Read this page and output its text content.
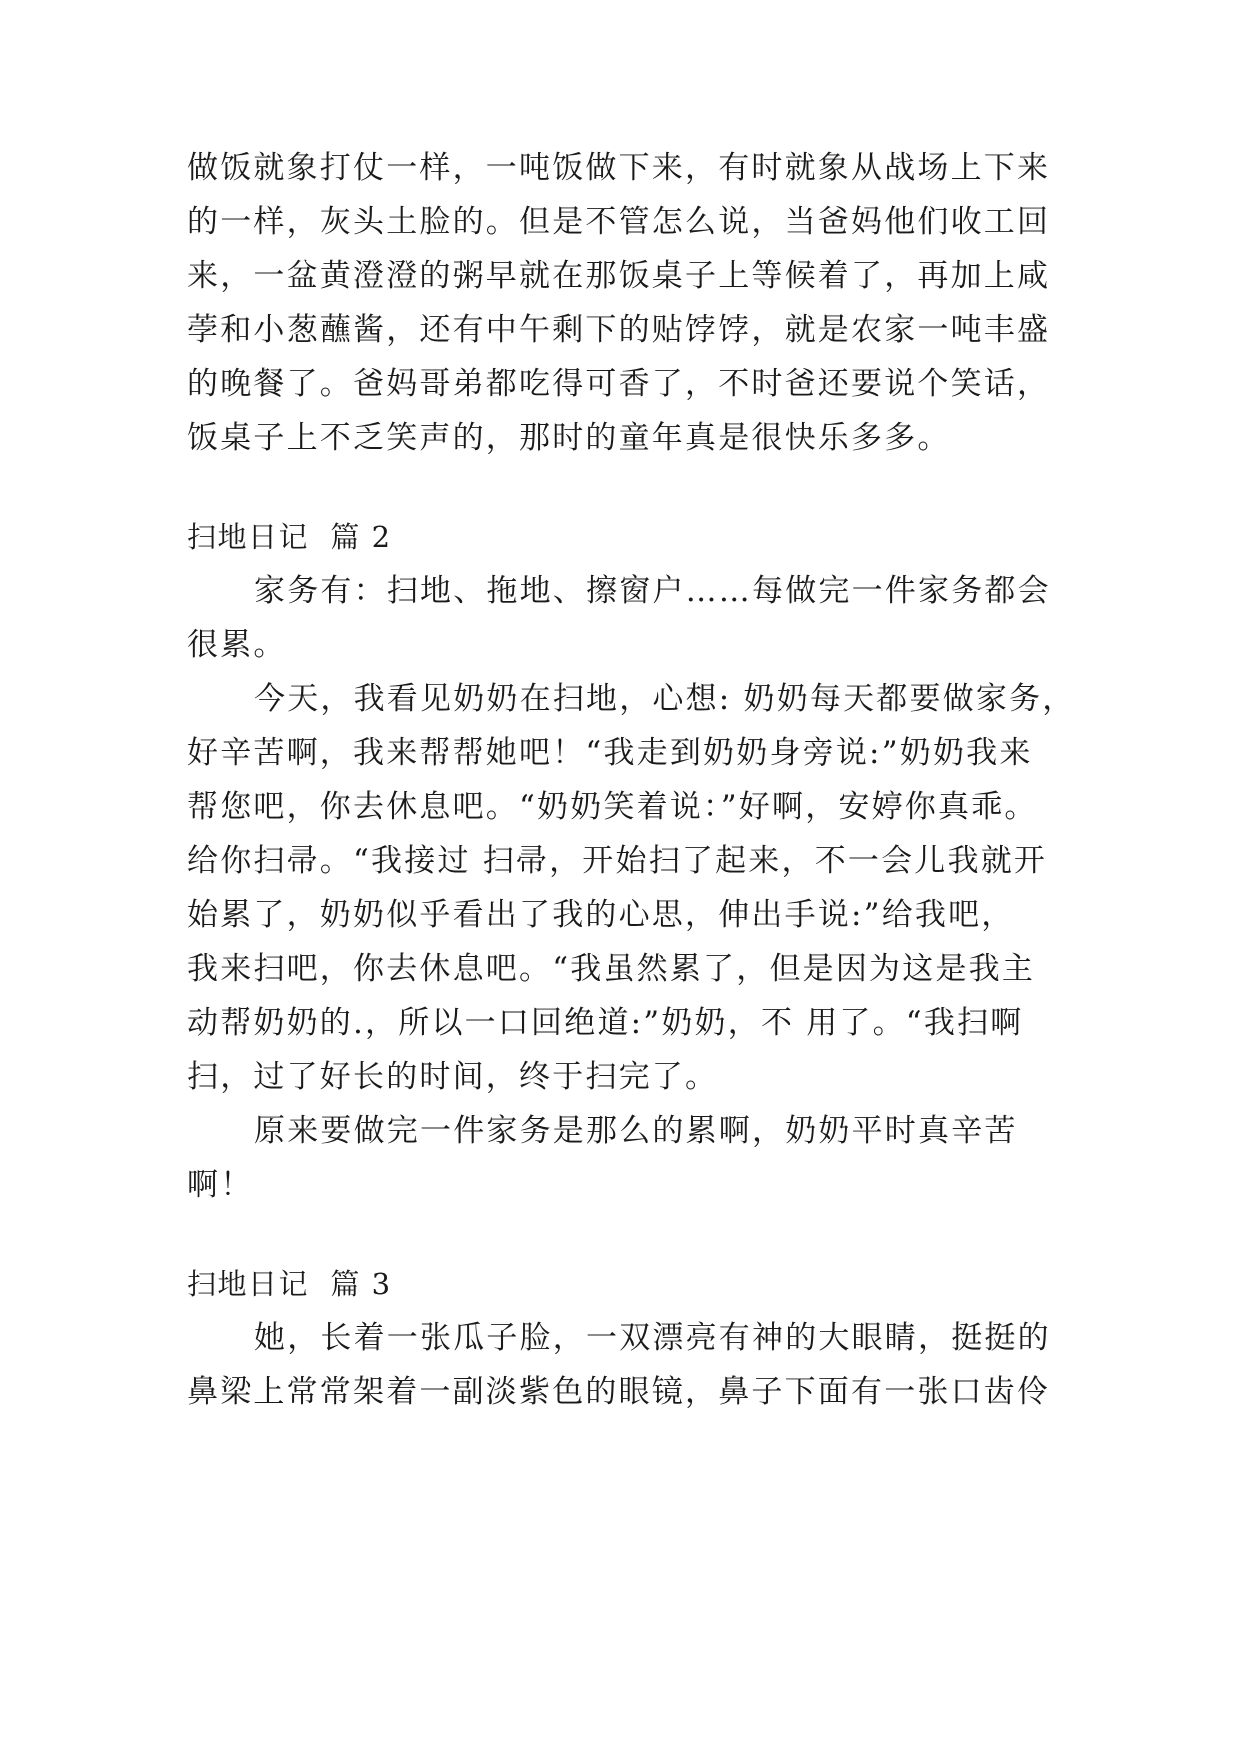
做饭就象打仗一样，一吨饭做下来，有时就象从战场上下来
的一样，灰头土脸的。但是不管怎么说，当爸妈他们收工回
来，一盆黄澄澄的粥早就在那饭桌子上等候着了，再加上咸
荸和小葱蘸酱，还有中午剩下的贴饽饽，就是农家一吨丰盛
的晚餐了。爸妈哥弟都吃得可香了，不时爸还要说个笑话，
饭桌子上不乏笑声的，那时的童年真是很快乐多多。
扫地日记  篇 2
家务有：扫地、拖地、擦窗户……每做完一件家务都会
很累。
今天，我看见奶奶在扫地，心想: 奶奶每天都要做家务，
好辛苦啊，我来帮帮她吧！“我走到奶奶身旁说:”奶奶我来
帮您吧，你去休息吧。“奶奶笑着说：”好啊，安婷你真乖。
给你扫帚。“我接过 扫帚，开始扫了起来，不一会儿我就开
始累了，奶奶似乎看出了我的心思，伸出手说:”给我吧，
我来扫吧，你去休息吧。“我虽然累了，但是因为这是我主
动帮奶奶的.，所以一口回绝道:”奶奶，不 用了。“我扫啊
扫，过了好长的时间，终于扫完了。
原来要做完一件家务是那么的累啊，奶奶平时真辛苦
啊！
扫地日记  篇 3
她，长着一张瓜子脸，一双漂亮有神的大眼睛，挺挺的
鼻梁上常常架着一副淡紫色的眼镜，鼻子下面有一张口齿伶
